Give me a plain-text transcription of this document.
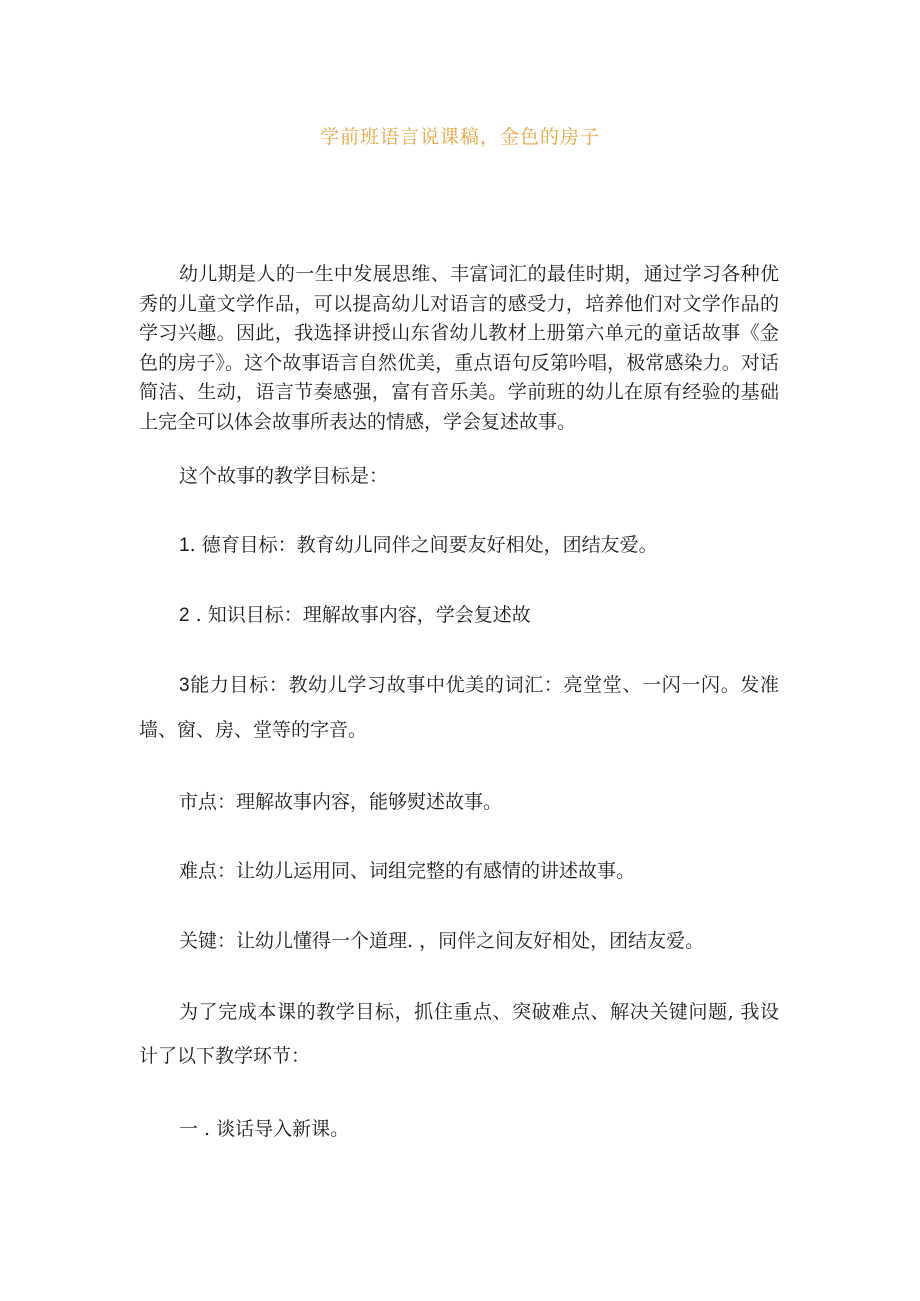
学前班语言说课稿，金色的房子

幼儿期是人的一生中发展思维、丰富词汇的最佳时期，通过学习各种优秀的儿童文学作品，可以提高幼儿对语言的感受力，培养他们对文学作品的学习兴趣。因此，我选择讲授山东省幼儿教材上册第六单元的童话故事《金色的房子》。这个故事语言自然优美，重点语句反第吟唱，极常感染力。对话简洁、生动，语言节奏感强，富有音乐美。学前班的幼儿在原有经验的基础上完全可以体会故事所表达的情感，学会复述故事。

这个故事的教学目标是：

1. 德育目标：教育幼儿同伴之间要友好相处，团结友爱。

2 . 知识目标：理解故事内容，学会复述故

3能力目标：教幼儿学习故事中优美的词汇：亮堂堂、一闪一闪。发准墙、窗、房、堂等的字音。

市点：理解故事内容，能够熨述故事。

难点：让幼儿运用同、词组完整的有感情的讲述故事。

关键：让幼儿懂得一个道理. ，同伴之间友好相处，团结友爱。

为了完成本课的教学目标，抓住重点、突破难点、解决关键问题, 我设计了以下教学环节：

一 . 谈话导入新课。
